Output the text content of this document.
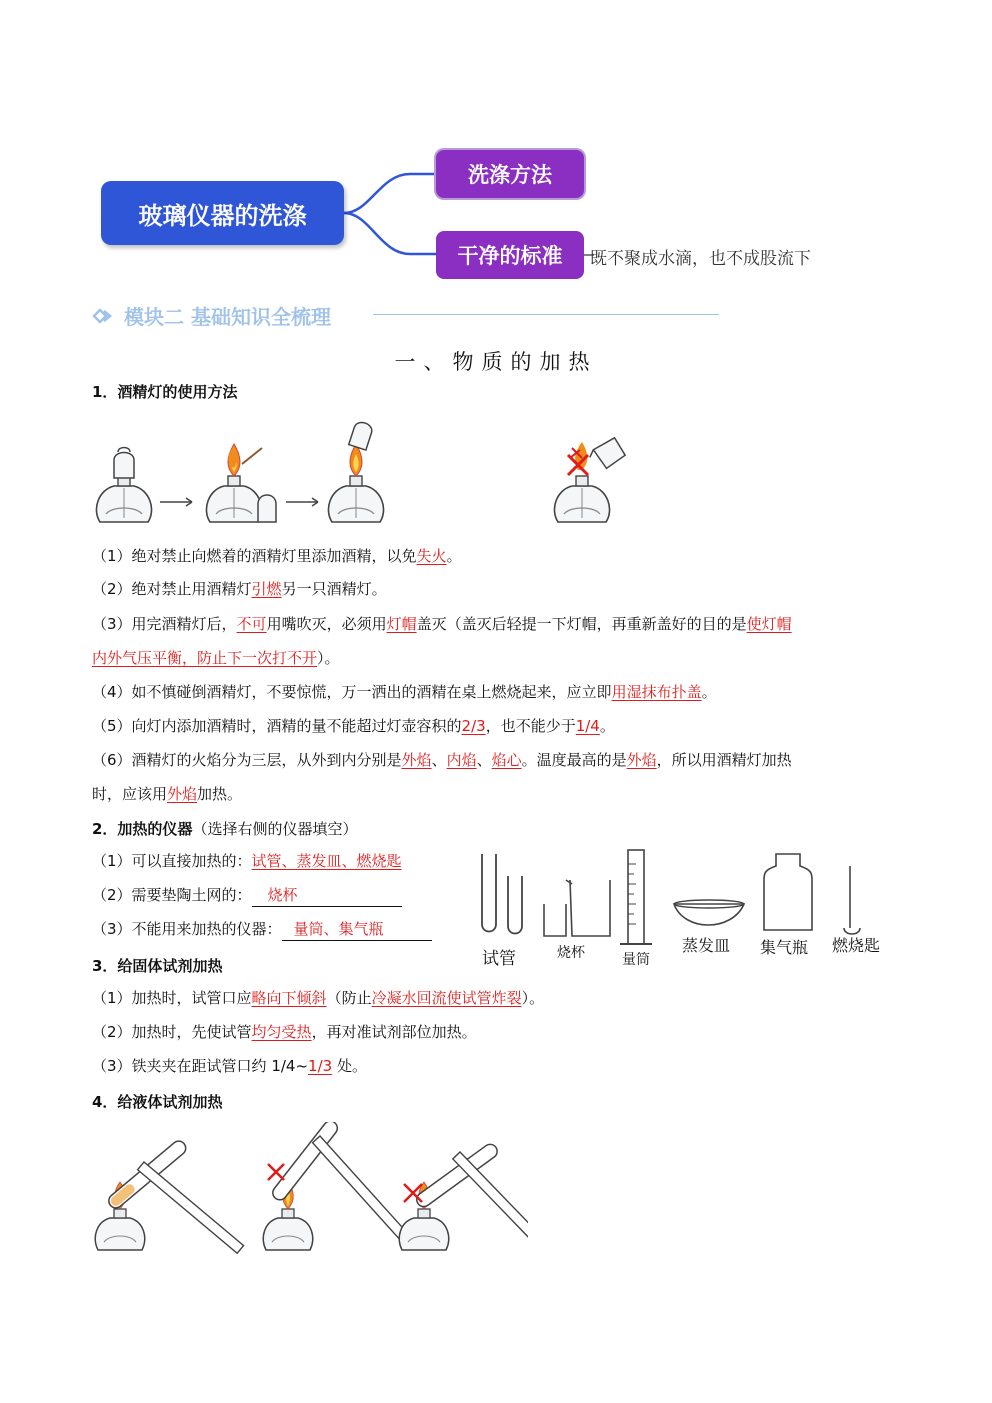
玻璃仪器的洗涤
洗涤方法
干净的标准	既不聚成水滴，也不成股流下
模块二 基础知识全梳理
一、物质的加热
1．酒精灯的使用方法
（1）绝对禁止向燃着的酒精灯里添加酒精，以免失火。
（2）绝对禁止用酒精灯引燃另一只酒精灯。
（3）用完酒精灯后，不可用嘴吹灭，必须用灯帽盖灭（盖灭后轻提一下灯帽，再重新盖好的目的是使灯帽
内外气压平衡，防止下一次打不开）。
（4）如不慎碰倒酒精灯，不要惊慌，万一洒出的酒精在桌上燃烧起来，应立即用湿抹布扑盖。
（5）向灯内添加酒精时，酒精的量不能超过灯壶容积的2/3，也不能少于1/4。
（6）酒精灯的火焰分为三层，从外到内分别是外焰、内焰、焰心。温度最高的是外焰，所以用酒精灯加热
时，应该用外焰加热。
2．加热的仪器（选择右侧的仪器填空）
（1）可以直接加热的：试管、蒸发皿、燃烧匙
（2）需要垫陶土网的： 烧杯
（3）不能用来加热的仪器： 量筒、集气瓶
试管	烧杯	量筒
蒸发皿 集气瓶 燃烧匙
3．给固体试剂加热
（1）加热时，试管口应略向下倾斜（防止冷凝水回流使试管炸裂）。
（2）加热时，先使试管均匀受热，再对准试剂部位加热。
（3）铁夹夹在距试管口约 1/4~1/3 处。
4．给液体试剂加热
